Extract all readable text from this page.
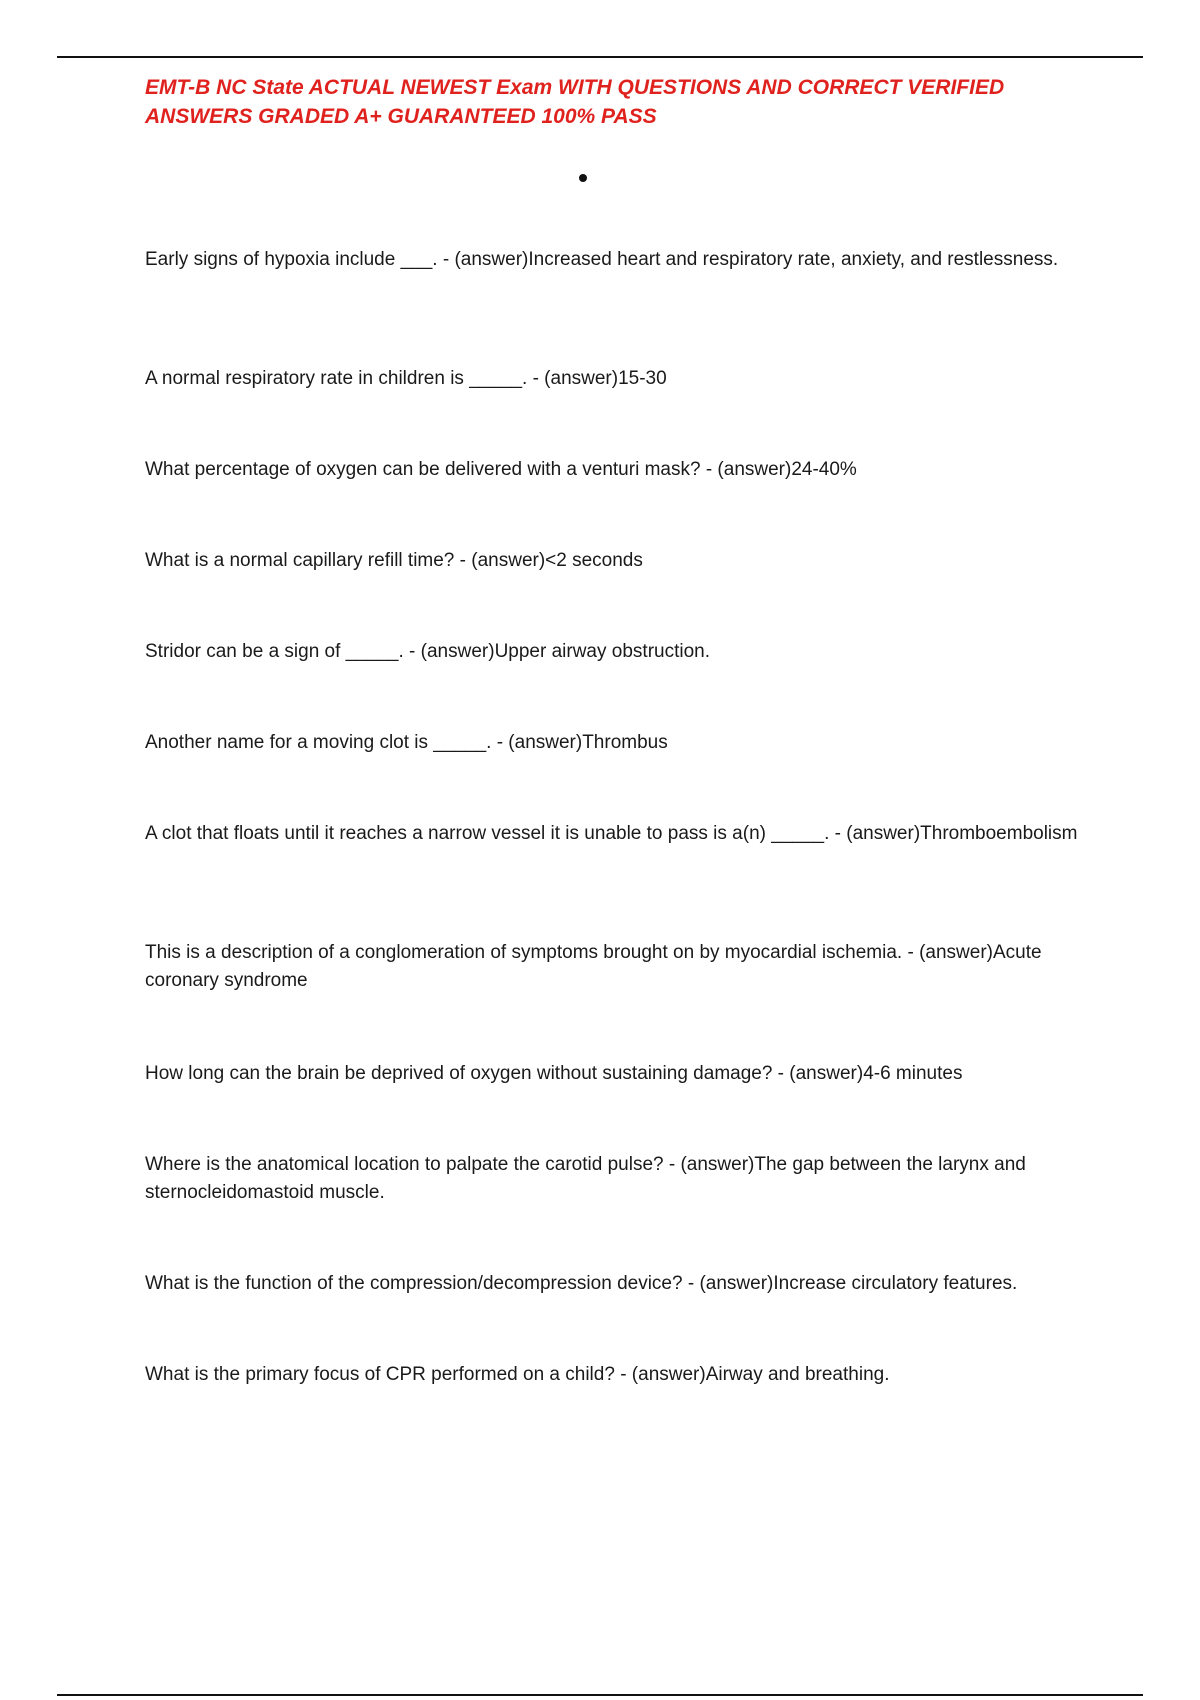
EMT-B NC State ACTUAL NEWEST Exam WITH QUESTIONS AND CORRECT VERIFIED ANSWERS GRADED A+ GUARANTEED 100% PASS

Early signs of hypoxia include ___. - (answer)Increased heart and respiratory rate, anxiety, and restlessness.

A normal respiratory rate in children is _____. - (answer)15-30

What percentage of oxygen can be delivered with a venturi mask? - (answer)24-40%

What is a normal capillary refill time? - (answer)<2 seconds

Stridor can be a sign of _____. - (answer)Upper airway obstruction.

Another name for a moving clot is _____. - (answer)Thrombus

A clot that floats until it reaches a narrow vessel it is unable to pass is a(n) _____. - (answer)Thromboembolism

This is a description of a conglomeration of symptoms brought on by myocardial ischemia. - (answer)Acute coronary syndrome

How long can the brain be deprived of oxygen without sustaining damage? - (answer)4-6 minutes

Where is the anatomical location to palpate the carotid pulse? - (answer)The gap between the larynx and sternocleidomastoid muscle.

What is the function of the compression/decompression device? - (answer)Increase circulatory features.

What is the primary focus of CPR performed on a child? - (answer)Airway and breathing.
